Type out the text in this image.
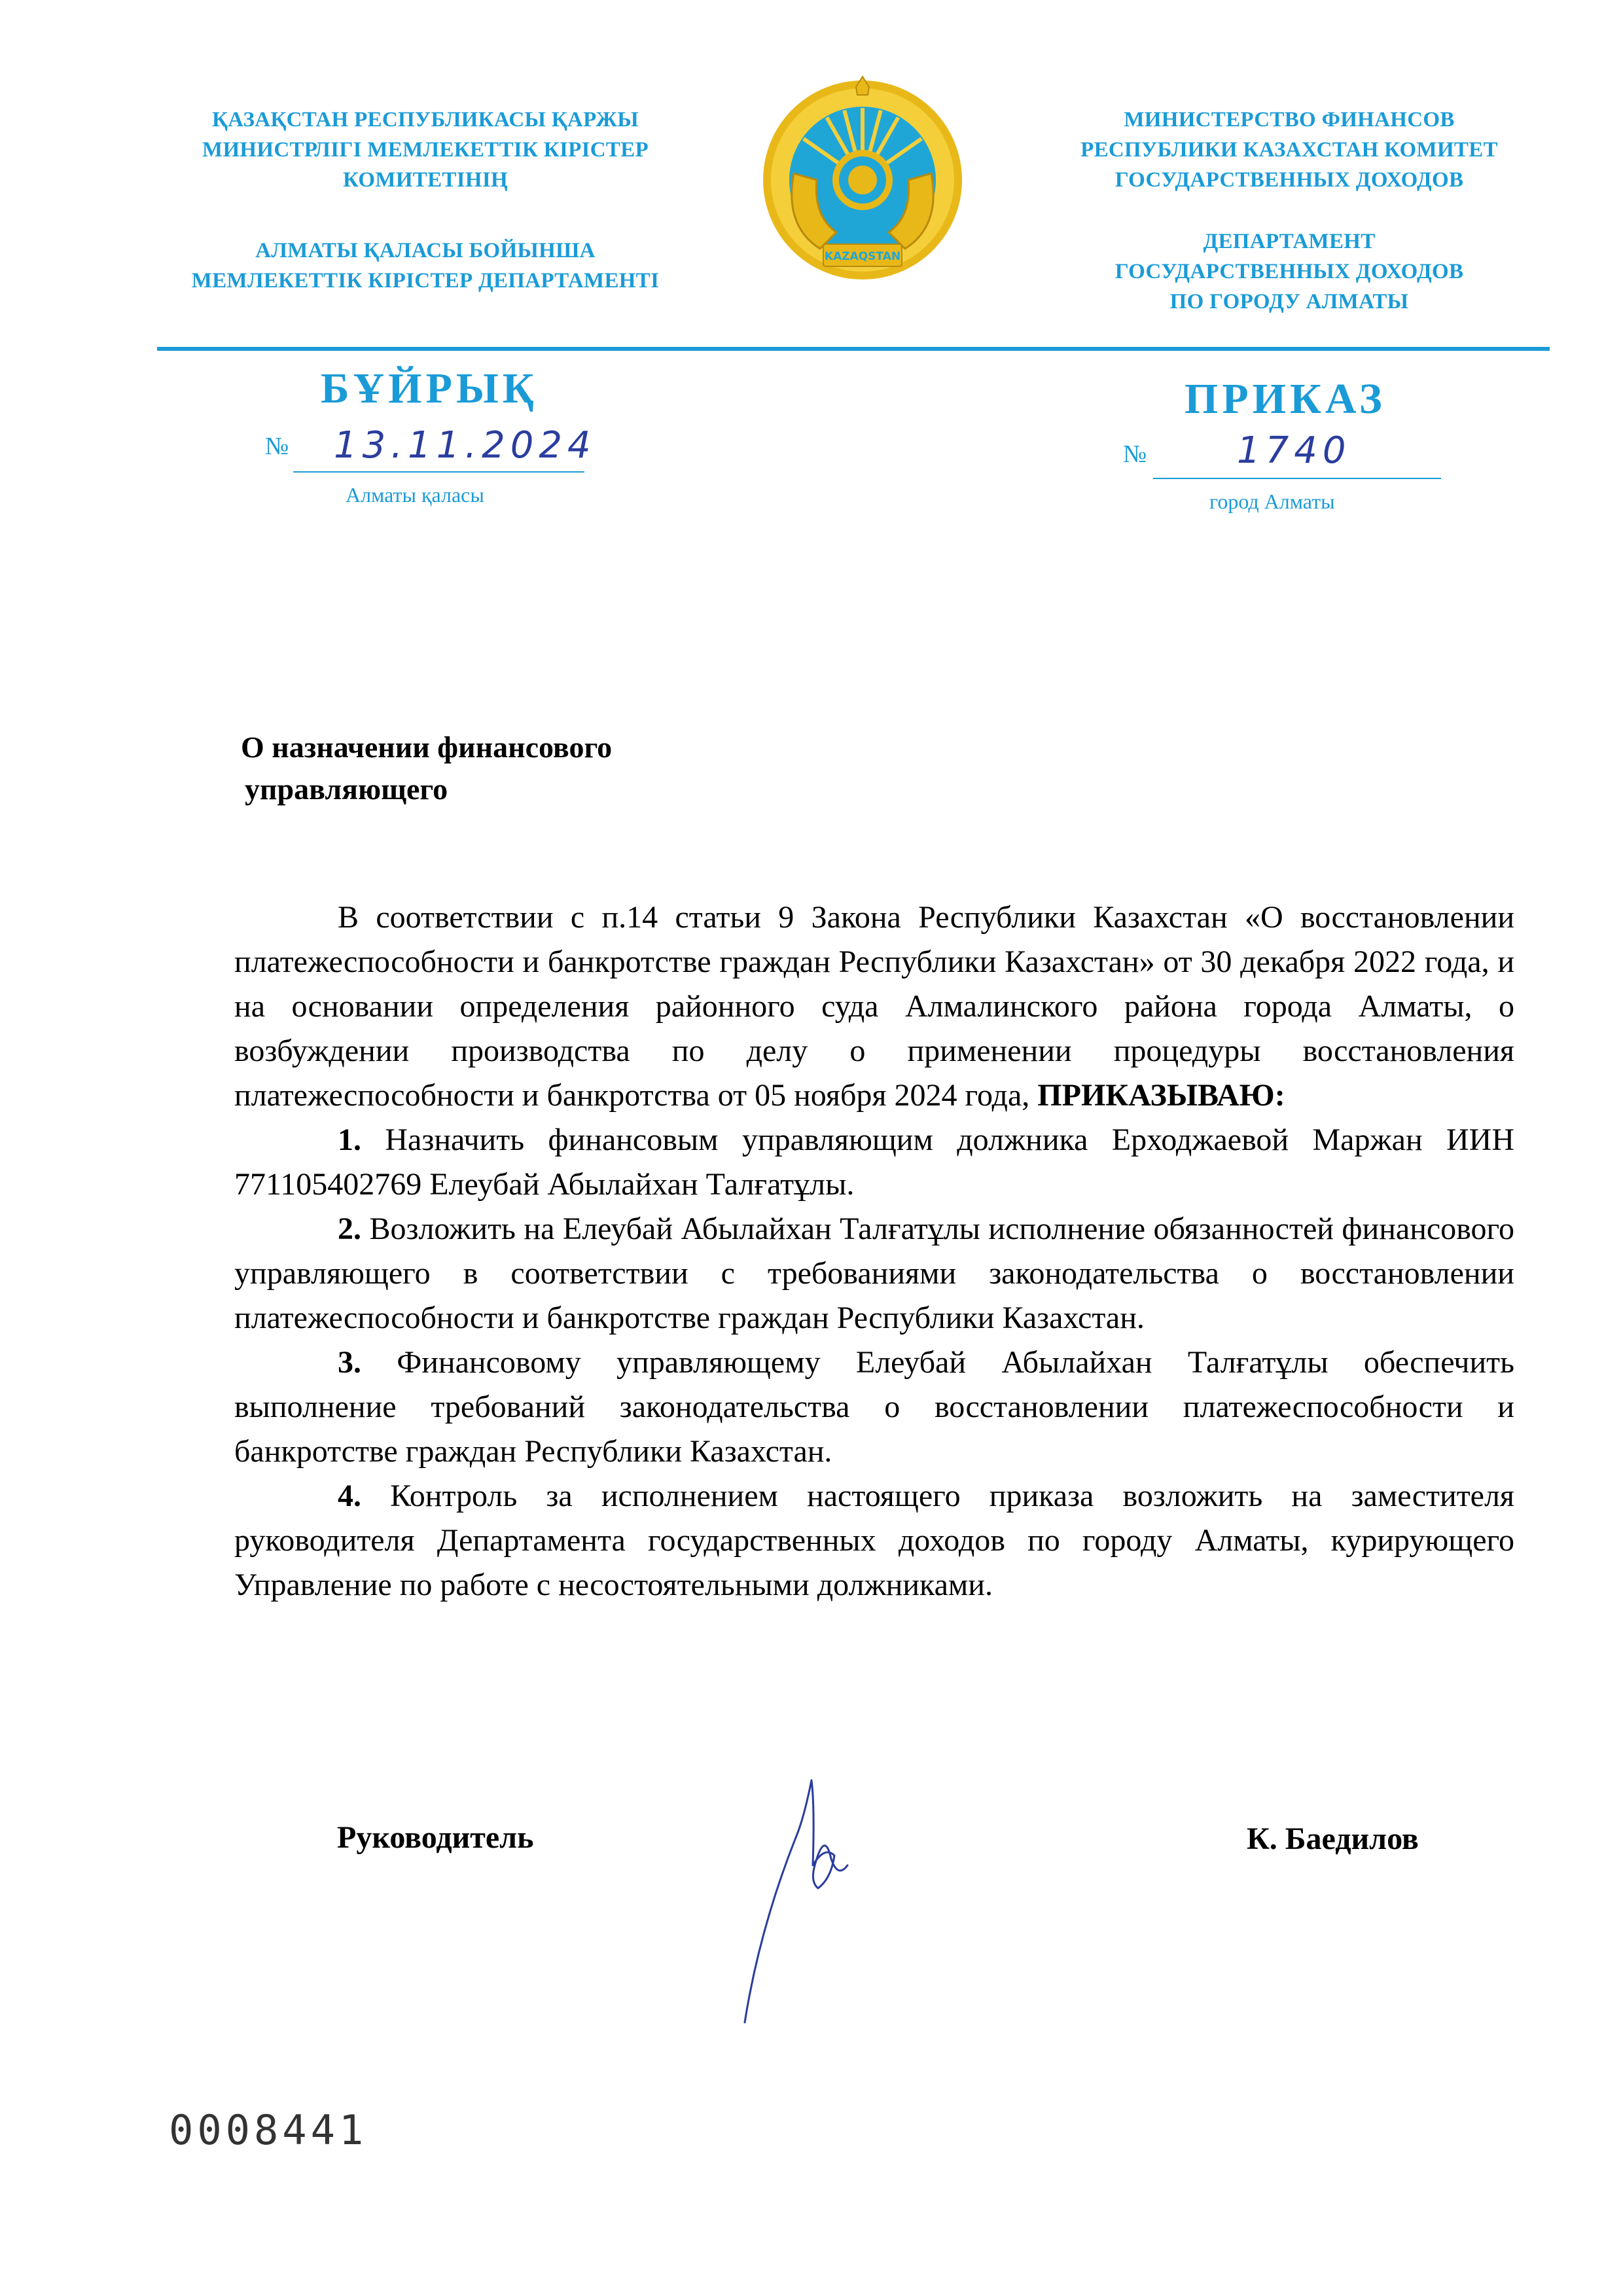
ҚАЗАҚСТАН РЕСПУБЛИКАСЫ ҚАРЖЫ
МИНИСТРЛІГІ МЕМЛЕКЕТТІК КІРІСТЕР
КОМИТЕТІНІҢ
АЛМАТЫ ҚАЛАСЫ БОЙЫНША
МЕМЛЕКЕТТІК КІРІСТЕР ДЕПАРТАМЕНТІ
KAZAQSTAN
МИНИСТЕРСТВО ФИНАНСОВ
РЕСПУБЛИКИ КАЗАХСТАН КОМИТЕТ
ГОСУДАРСТВЕННЫХ ДОХОДОВ
ДЕПАРТАМЕНТ
ГОСУДАРСТВЕННЫХ ДОХОДОВ
ПО ГОРОДУ АЛМАТЫ
БҰЙРЫҚ	ПРИКАЗ
№ 13.11.2024
Алматы қаласы
№ 1740
город Алматы
О назначении финансового
управляющего

В соответствии с п.14 статьи 9 Закона Республики Казахстан «О восстановлении платежеспособности и банкротстве граждан Республики Казахстан» от 30 декабря 2022 года, и на основании определения районного суда Алмалинского района города Алматы, о возбуждении производства по делу о применении процедуры восстановления платежеспособности и банкротства от 05 ноября 2024 года, ПРИКАЗЫВАЮ:

1. Назначить финансовым управляющим должника Ерходжаевой Маржан ИИН 771105402769 Елеубай Абылайхан Талғатұлы.

2. Возложить на Елеубай Абылайхан Талғатұлы исполнение обязанностей финансового управляющего в соответствии с требованиями законодательства о восстановлении платежеспособности и банкротстве граждан Республики Казахстан.

3. Финансовому управляющему Елеубай Абылайхан Талғатұлы обеспечить выполнение требований законодательства о восстановлении платежеспособности и банкротстве граждан Республики Казахстан.

4. Контроль за исполнением настоящего приказа возложить на заместителя руководителя Департамента государственных доходов по городу Алматы, курирующего Управление по работе с несостоятельными должниками.

Руководитель	К. Баедилов
0008441
